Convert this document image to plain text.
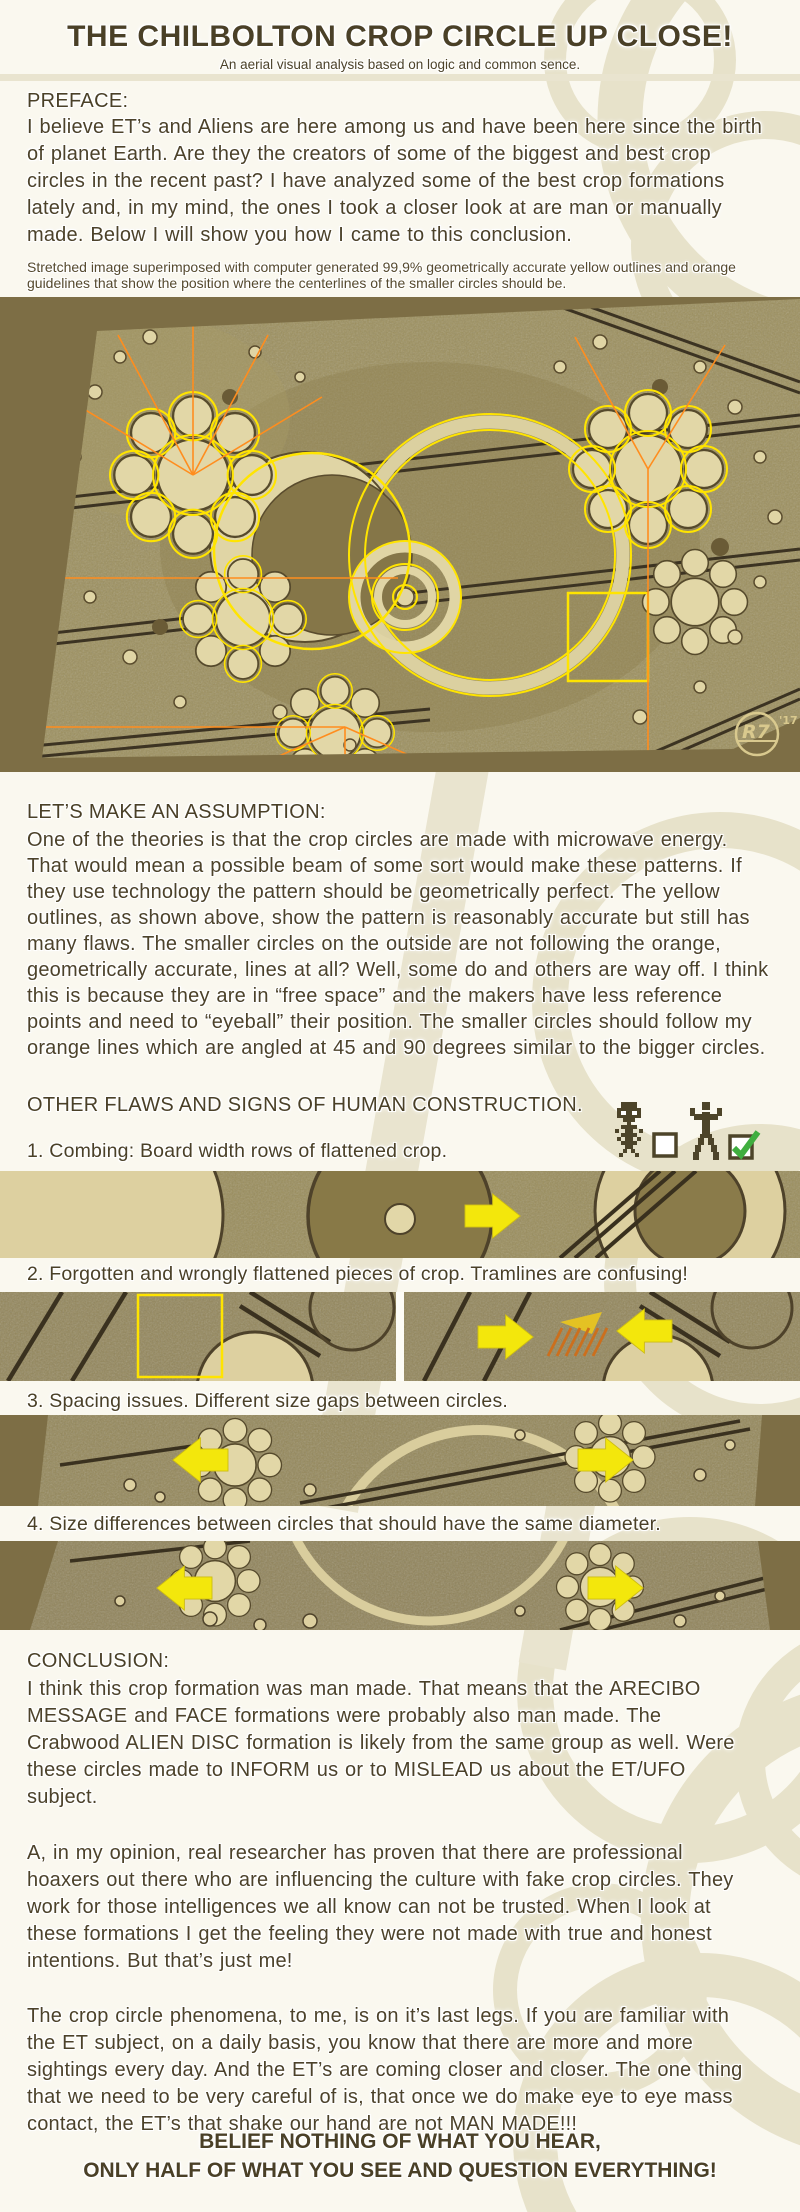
THE CHILBOLTON CROP CIRCLE UP CLOSE!
An aerial visual analysis based on logic and common sence.
PREFACE:
I believe ET’s and Aliens are here among us and have been here since the birth of planet Earth. Are they the creators of some of the biggest and best crop circles in the recent past? I have analyzed some of the best crop formations lately and, in my mind, the ones I took a closer look at are man or manually made. Below I will show you how I came to this conclusion.
Stretched image superimposed with computer generated 99,9% geometrically accurate yellow outlines and orange guidelines that show the position where the centerlines of the smaller circles should be.
R7
'17
LET’S MAKE AN ASSUMPTION:
One of the theories is that the crop circles are made with microwave energy. That would mean a possible beam of some sort would make these patterns. If they use technology the pattern should be geometrically perfect. The yellow outlines, as shown above, show the pattern is reasonably accurate but still has many flaws. The smaller circles on the outside are not following the orange, geometrically accurate, lines at all? Well, some do and others are way off. I think this is because they are in “free space” and the makers have less reference points and need to “eyeball” their position. The smaller circles should follow my orange lines which are angled at 45 and 90 degrees similar to the bigger circles.
OTHER FLAWS AND SIGNS OF HUMAN CONSTRUCTION.
1. Combing: Board width rows of flattened crop.
2. Forgotten and wrongly flattened pieces of crop. Tramlines are confusing!
3. Spacing issues. Different size gaps between circles.
4. Size differences between circles that should have the same diameter.
CONCLUSION:
I think this crop formation was man made. That means that the ARECIBO MESSAGE and FACE formations were probably also man made. The Crabwood ALIEN DISC formation is likely from the same group as well. Were these circles made to INFORM us or to MISLEAD us about the ET/UFO subject.
A, in my opinion, real researcher has proven that there are professional hoaxers out there who are influencing the culture with fake crop circles. They work for those intelligences we all know can not be trusted. When I look at these formations I get the feeling they were not made with true and honest intentions. But that’s just me!
The crop circle phenomena, to me, is on it’s last legs. If you are familiar with the ET subject, on a daily basis, you know that there are more and more sightings every day. And the ET’s are coming closer and closer. The one thing that we need to be very careful of is, that once we do make eye to eye mass contact, the ET’s that shake our hand are not MAN MADE!!!
BELIEF NOTHING OF WHAT YOU HEAR,
ONLY HALF OF WHAT YOU SEE AND QUESTION EVERYTHING!
